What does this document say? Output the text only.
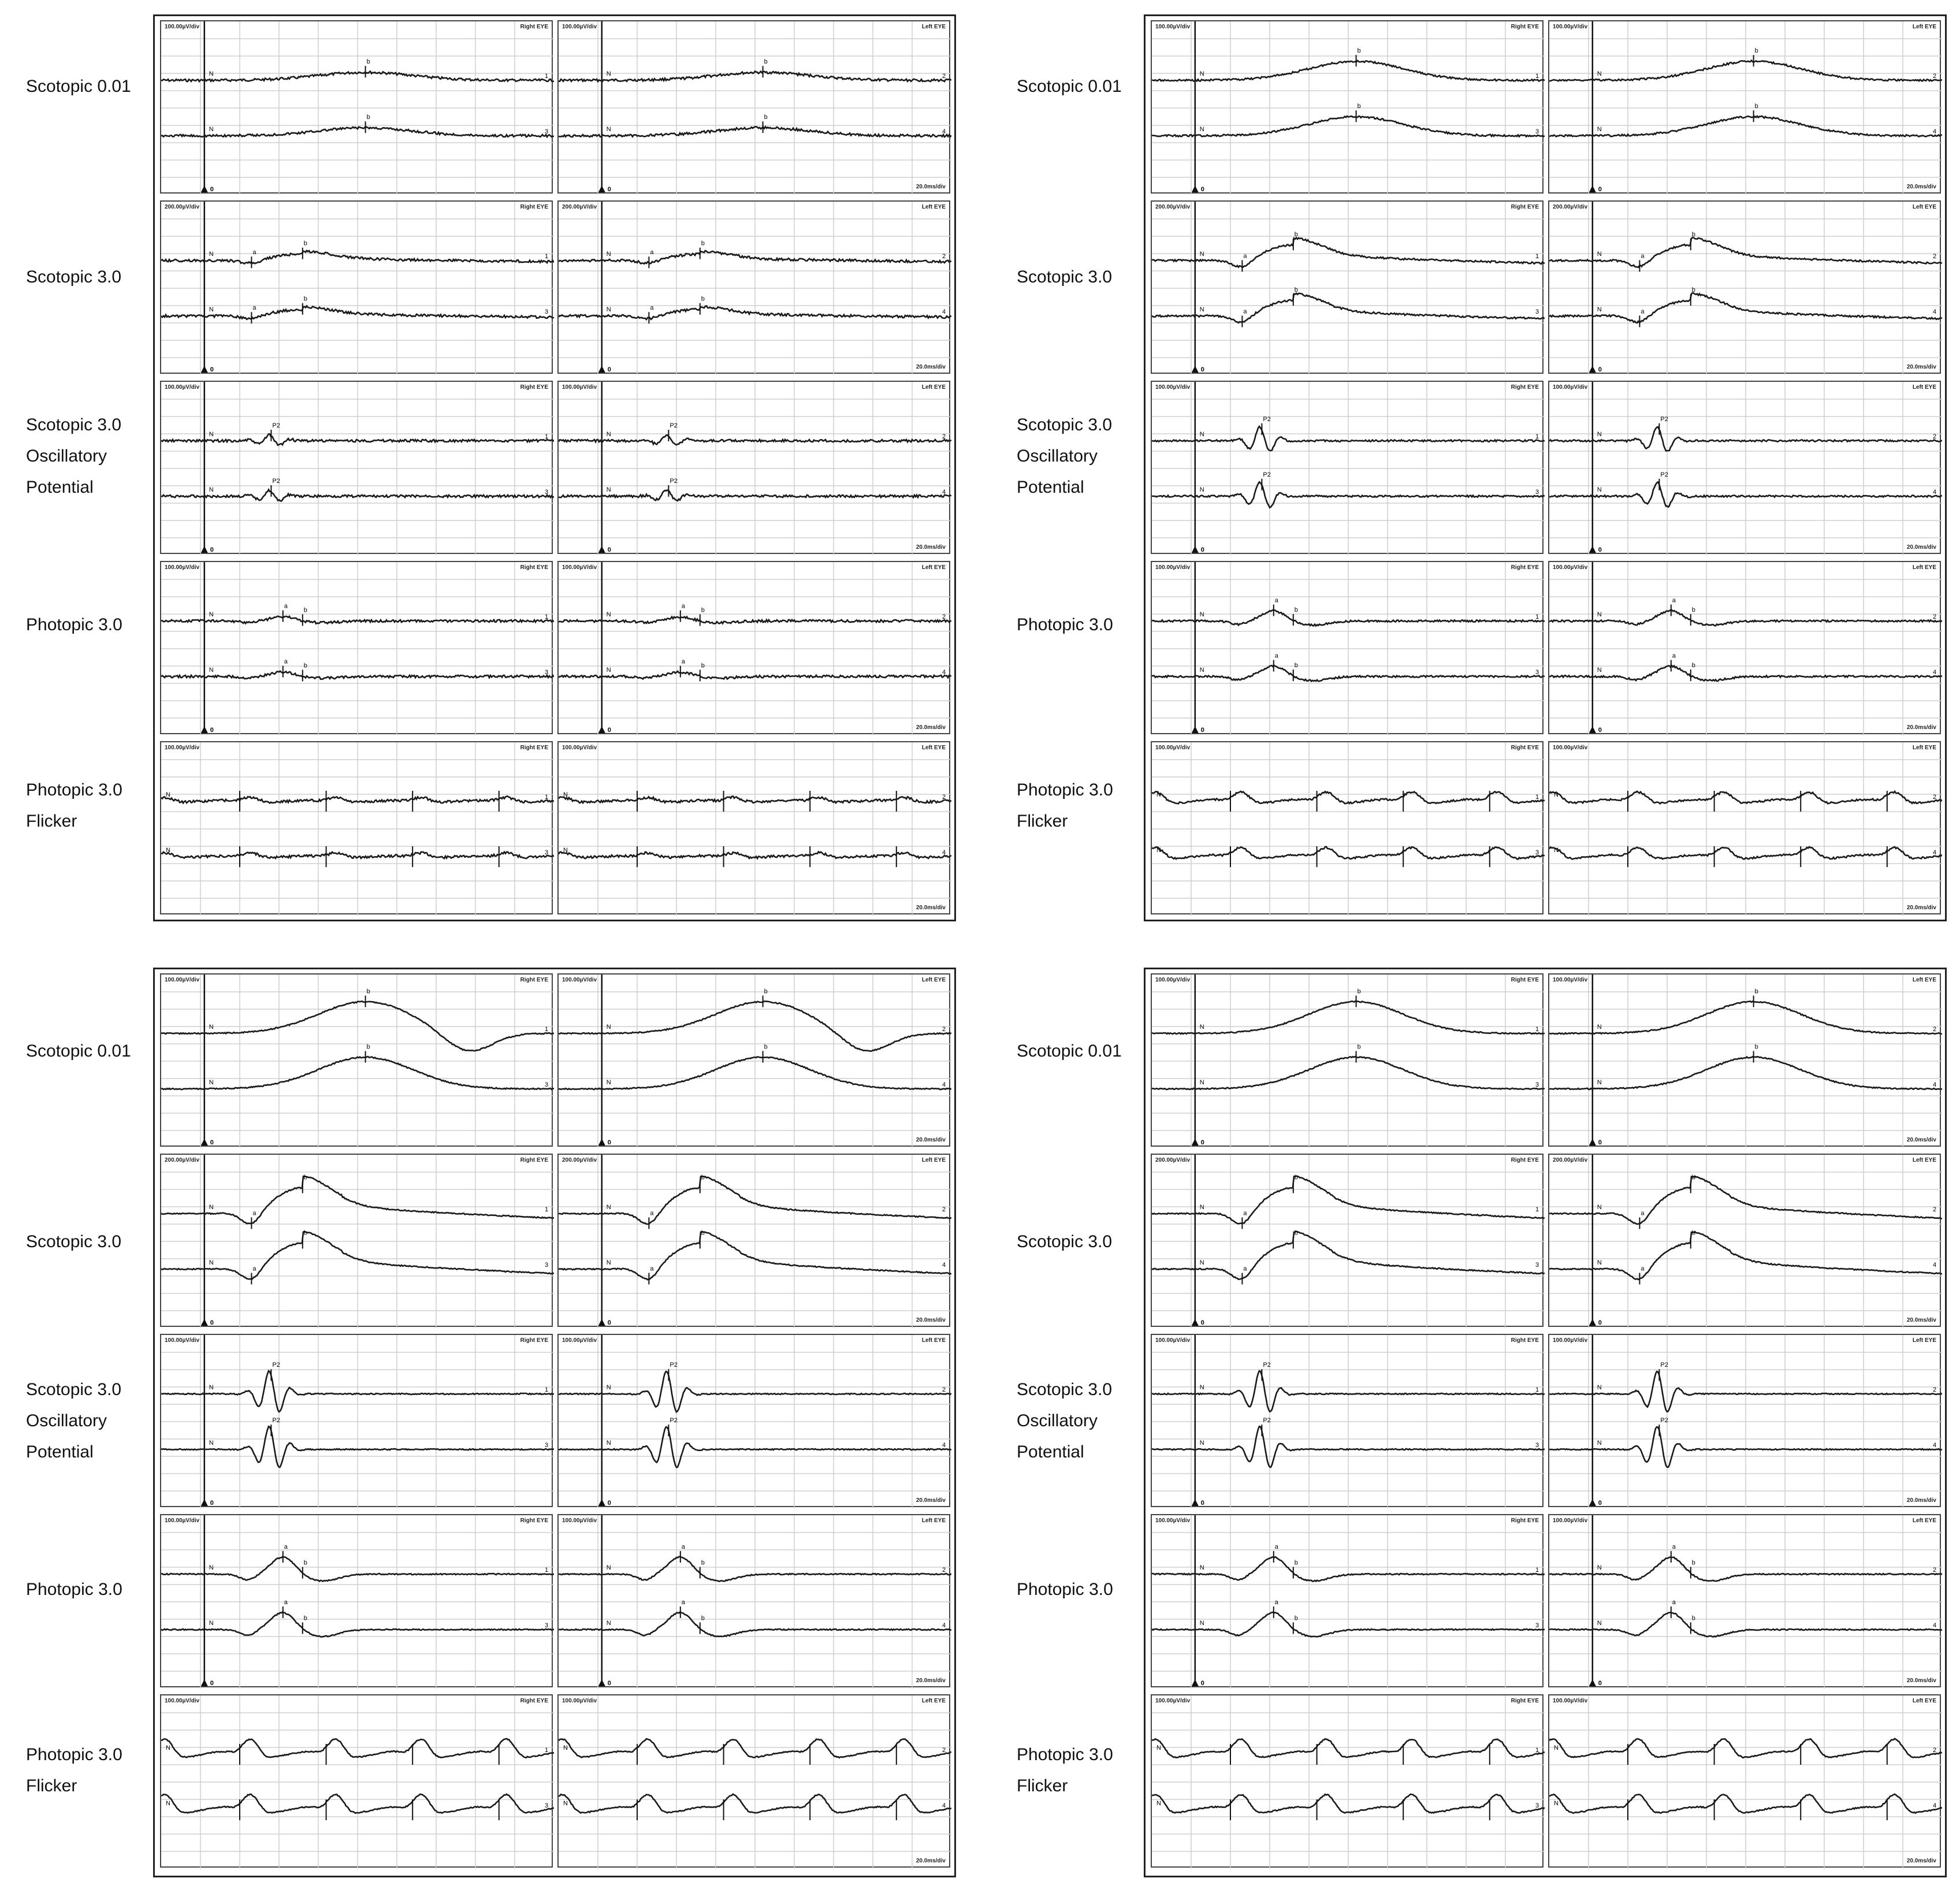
Scotopic 0.01
0
N
b
1
N
b
3
100.00µV/div	Right EYE
0
N
b
2
N
b
4
100.00µV/div	Left EYE
20.0ms/div
Scotopic 3.0
0
N	a
b
1
N	a
b
3
200.00µV/div	Right EYE
0
N	a
b
2
N	a
b
4
200.00µV/div	Left EYE
20.0ms/div
Scotopic 3.0
Oscillatory
Potential
0
N
P2
1
N
P2
3
100.00µV/div	Right EYE
0
N
P2
2
N
P2
4
100.00µV/div	Left EYE
20.0ms/div
Photopic 3.0
0
N
a
b
1
N
a
b
3
100.00µV/div	Right EYE
0
N
a
b
2
N
a
b
4
100.00µV/div	Left EYE
20.0ms/div
Photopic 3.0
Flicker
N	1
N	3
100.00µV/div	Right EYE
N	2
N	4
100.00µV/div	Left EYE
20.0ms/div
Scotopic 0.01
0
N
b
1
N
b
3
100.00µV/div	Right EYE
0
N
b
2
N
b
4
100.00µV/div	Left EYE
20.0ms/div
Scotopic 3.0
0
N	a
b
1
N	a
b
3
200.00µV/div	Right EYE
0
N	a
b
2
N	a
b
4
200.00µV/div	Left EYE
20.0ms/div
Scotopic 3.0
Oscillatory
Potential
0
N
P2
1
N
P2
3
100.00µV/div	Right EYE
0
N
P2
2
N
P2
4
100.00µV/div	Left EYE
20.0ms/div
Photopic 3.0
0
N
a
b
1
N
a
b
3
100.00µV/div	Right EYE
0
N
a
b
2
N
a
b
4
100.00µV/div	Left EYE
20.0ms/div
Photopic 3.0
Flicker
N	1
N	3
100.00µV/div	Right EYE
N	2
N	4
100.00µV/div	Left EYE
20.0ms/div
Scotopic 0.01
0
N
b
1
N
b
3
100.00µV/div	Right EYE
0
N
b
2
N
b
4
100.00µV/div	Left EYE
20.0ms/div
Scotopic 3.0
0
N
a
b
1
N
a
b
3
200.00µV/div	Right EYE
0
N
a
b
2
N
a
b
4
200.00µV/div	Left EYE
20.0ms/div
Scotopic 3.0
Oscillatory
Potential
0
N
P2
1
N
P2
3
100.00µV/div	Right EYE
0
N
P2
2
N
P2
4
100.00µV/div	Left EYE
20.0ms/div
Photopic 3.0
0
N
a
b
1
N
a
b
3
100.00µV/div	Right EYE
0
N
a
b
2
N
a
b
4
100.00µV/div	Left EYE
20.0ms/div
Photopic 3.0
Flicker
N	1
N	3
100.00µV/div	Right EYE
N	2
N	4
100.00µV/div	Left EYE
20.0ms/div
Scotopic 0.01
0
N
b
1
N
b
3
100.00µV/div	Right EYE
0
N
b
2
N
b
4
100.00µV/div	Left EYE
20.0ms/div
Scotopic 3.0
0
N
a
b
1
N
a
b
3
200.00µV/div	Right EYE
0
N
a
b
2
N
a
b
4
200.00µV/div	Left EYE
20.0ms/div
Scotopic 3.0
Oscillatory
Potential
0
N
P2
1
N
P2
3
100.00µV/div	Right EYE
0
N
P2
2
N
P2
4
100.00µV/div	Left EYE
20.0ms/div
Photopic 3.0
0
N
a
b
1
N
a
b
3
100.00µV/div	Right EYE
0
N
a
b
2
N
a
b
4
100.00µV/div	Left EYE
20.0ms/div
Photopic 3.0
Flicker
N	1
N	3
100.00µV/div	Right EYE
N	2
N	4
100.00µV/div	Left EYE
20.0ms/div
